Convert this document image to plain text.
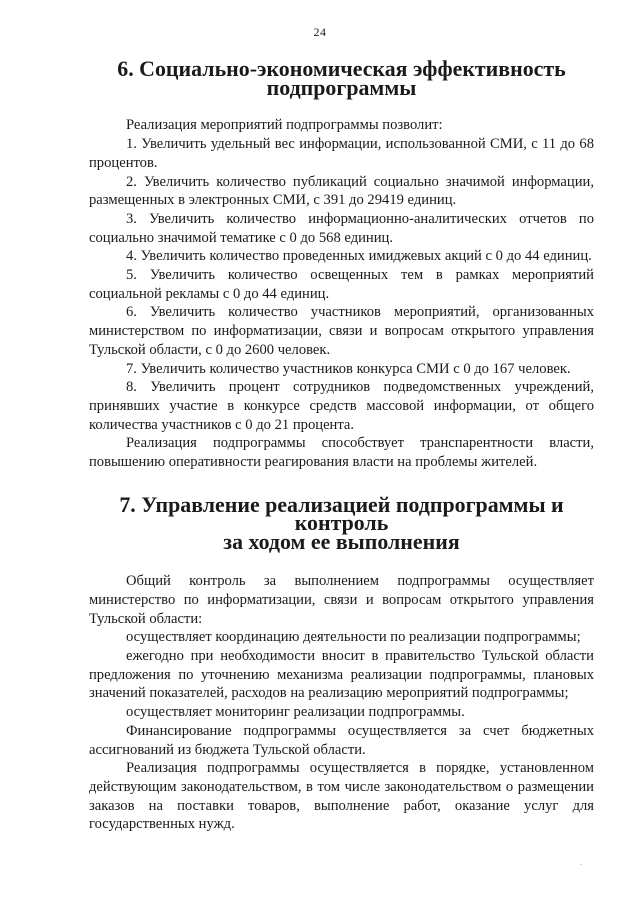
24
6. Социально-экономическая эффективность подпрограммы

Реализация мероприятий подпрограммы позволит:

1. Увеличить удельный вес информации, использованной СМИ, с 11 до 68 процентов.

2. Увеличить количество публикаций социально значимой информации, размещенных в электронных СМИ, с 391 до 29419 единиц.

3. Увеличить количество информационно-аналитических отчетов по социально значимой тематике с 0 до 568 единиц.

4. Увеличить количество проведенных имиджевых акций с 0 до 44 единиц.

5. Увеличить количество освещенных тем в рамках мероприятий социальной рекламы с 0 до 44 единиц.

6. Увеличить количество участников мероприятий, организованных министерством по информатизации, связи и вопросам открытого управления Тульской области, с 0 до 2600 человек.

7. Увеличить количество участников конкурса СМИ с 0 до 167 человек.

8. Увеличить процент сотрудников подведомственных учреждений, принявших участие в конкурсе средств массовой информации, от общего количества участников с 0 до 21 процента.

Реализация подпрограммы способствует транспарентности власти, повышению оперативности реагирования власти на проблемы жителей.

7. Управление реализацией подпрограммы и контроль
за ходом ее выполнения

Общий контроль за выполнением подпрограммы осуществляет министерство по информатизации, связи и вопросам открытого управления Тульской области:

осуществляет координацию деятельности по реализации подпрограммы;

ежегодно при необходимости вносит в правительство Тульской области предложения по уточнению механизма реализации подпрограммы, плановых значений показателей, расходов на реализацию мероприятий подпрограммы;

осуществляет мониторинг реализации подпрограммы.

Финансирование подпрограммы осуществляется за счет бюджетных ассигнований из бюджета Тульской области.

Реализация подпрограммы осуществляется в порядке, установленном действующим законодательством, в том числе законодательством о размещении заказов на поставки товаров, выполнение работ, оказание услуг для государственных нужд.

.
